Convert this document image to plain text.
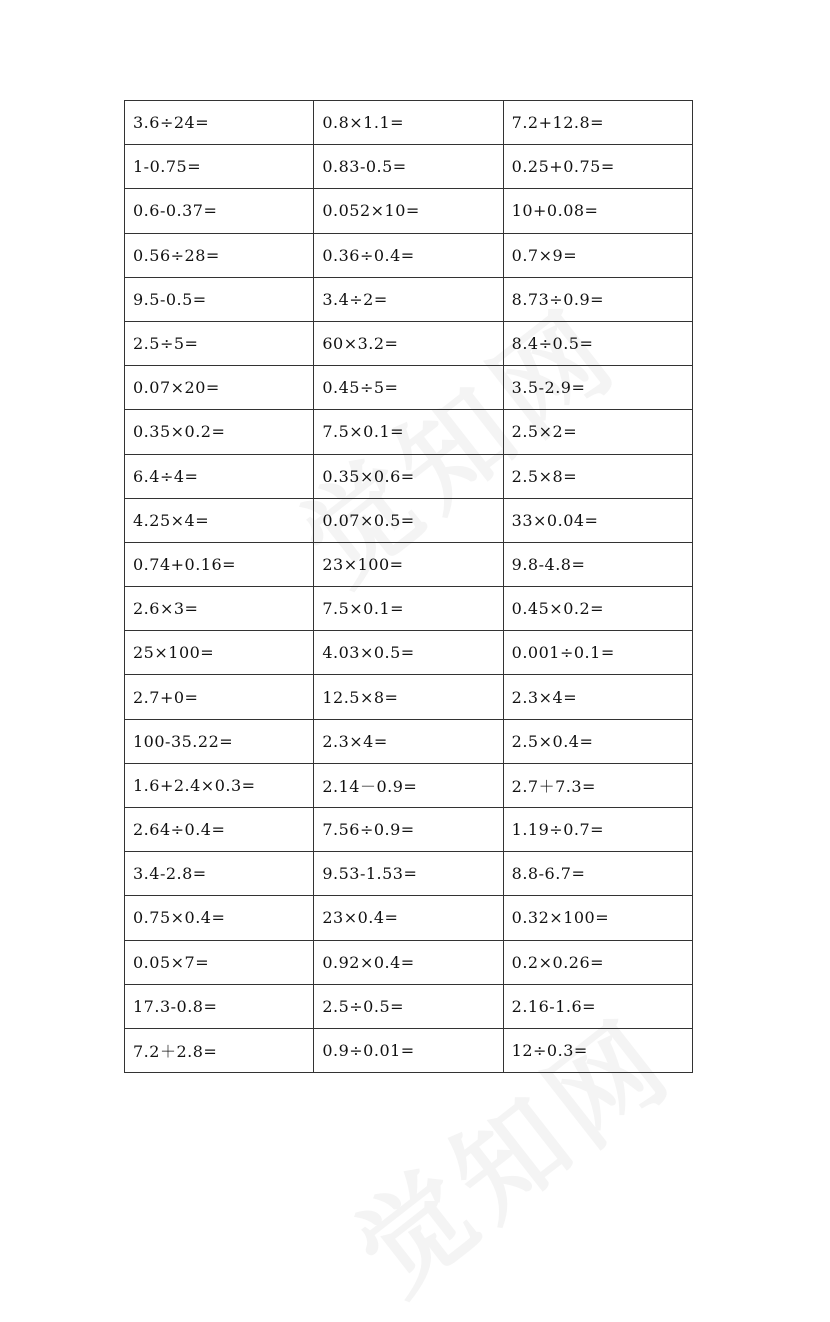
3.6÷24=	0.8×1.1=	7.2+12.8=
1-0.75=	0.83-0.5=	0.25+0.75=
0.6-0.37=	0.052×10=	10+0.08=
0.56÷28=	0.36÷0.4=	0.7×9=
9.5-0.5=	3.4÷2=	8.73÷0.9=
2.5÷5=	60×3.2=	8.4÷0.5=
0.07×20=	0.45÷5=	3.5-2.9=
0.35×0.2=	7.5×0.1=	2.5×2=
6.4÷4=	0.35×0.6=	2.5×8=
4.25×4=	0.07×0.5=	33×0.04=
0.74+0.16=	23×100=	9.8-4.8=
2.6×3=	7.5×0.1=	0.45×0.2=
25×100=	4.03×0.5=	0.001÷0.1=
2.7+0=	12.5×8=	2.3×4=
100-35.22=	2.3×4=	2.5×0.4=
1.6+2.4×0.3=	2.14－0.9=	2.7＋7.3=
2.64÷0.4=	7.56÷0.9=	1.19÷0.7=
3.4-2.8=	9.53-1.53=	8.8-6.7=
0.75×0.4=	23×0.4=	0.32×100=
0.05×7=	0.92×0.4=	0.2×0.26=
17.3-0.8=	2.5÷0.5=	2.16-1.6=
7.2＋2.8=	0.9÷0.01=	12÷0.3=
